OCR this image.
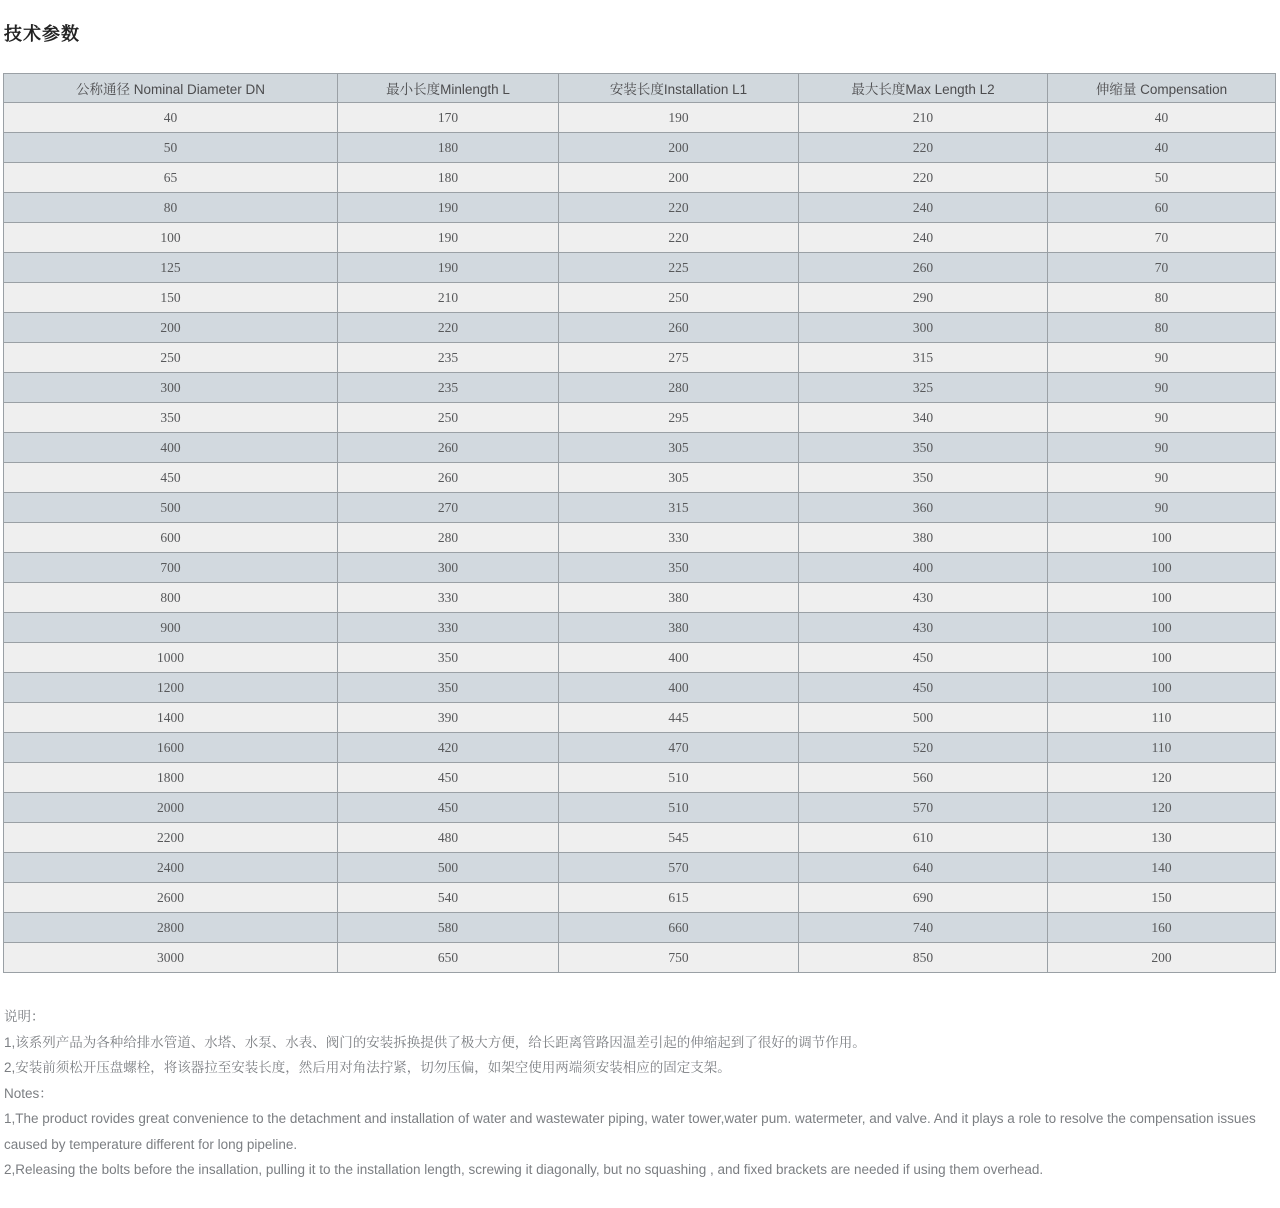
技术参数
公称通径 Nominal Diameter DN	最小长度Minlength L	安装长度Installation L1	最大长度Max Length L2	伸缩量 Compensation
40	170	190	210	40
50	180	200	220	40
65	180	200	220	50
80	190	220	240	60
100	190	220	240	70
125	190	225	260	70
150	210	250	290	80
200	220	260	300	80
250	235	275	315	90
300	235	280	325	90
350	250	295	340	90
400	260	305	350	90
450	260	305	350	90
500	270	315	360	90
600	280	330	380	100
700	300	350	400	100
800	330	380	430	100
900	330	380	430	100
1000	350	400	450	100
1200	350	400	450	100
1400	390	445	500	110
1600	420	470	520	110
1800	450	510	560	120
2000	450	510	570	120
2200	480	545	610	130
2400	500	570	640	140
2600	540	615	690	150
2800	580	660	740	160
3000	650	750	850	200

说明：

1,该系列产品为各种给排水管道、水塔、水泵、水表、阀门的安装拆换提供了极大方便，给长距离管路因温差引起的伸缩起到了很好的调节作用。

2,安装前须松开压盘螺栓，将该器拉至安装长度，然后用对角法拧紧，切勿压偏，如架空使用两端须安装相应的固定支架。

Notes：

1,The product rovides great convenience to the detachment and installation of water and wastewater piping, water tower,water pum. watermeter, and valve. And it plays a role to resolve the compensation issues caused by temperature different for long pipeline.

2,Releasing the bolts before the insallation, pulling it to the installation length, screwing it diagonally, but no squashing , and fixed brackets are needed if using them overhead.
